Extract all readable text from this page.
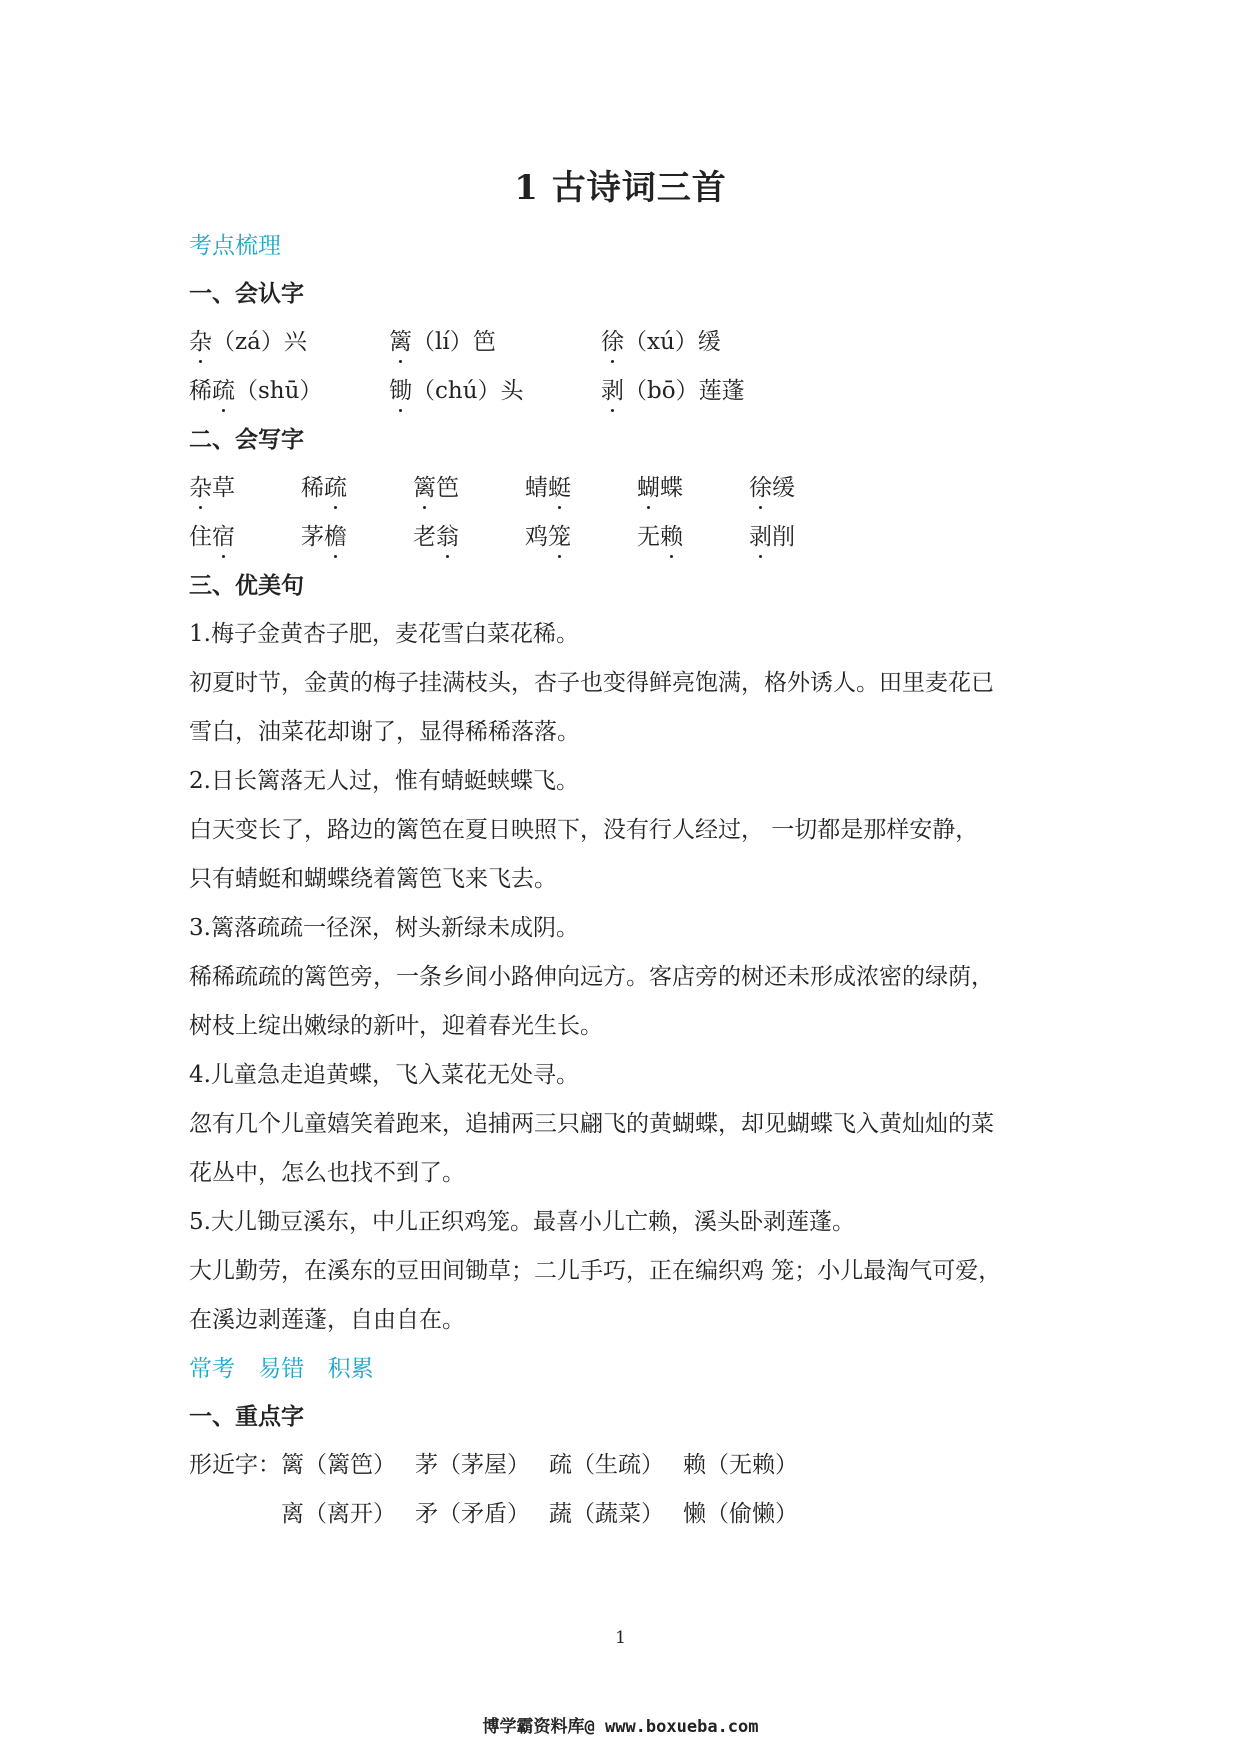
1 古诗词三首
考点梳理
一、会认字
杂（zá）兴	篱（lí）笆	徐（xú）缓
稀疏（shū）	锄（chú）头	剥（bō）莲蓬
二、会写字
杂草	稀疏	篱笆	蜻蜓	蝴蝶	徐缓
住宿	茅檐	老翁	鸡笼	无赖	剥削
三、优美句
1.梅子金黄杏子肥，麦花雪白菜花稀。
初夏时节，金黄的梅子挂满枝头，杏子也变得鲜亮饱满，格外诱人。田里麦花已
雪白，油菜花却谢了，显得稀稀落落。
2.日长篱落无人过，惟有蜻蜓蛱蝶飞。
白天变长了，路边的篱笆在夏日映照下，没有行人经过， 一切都是那样安静，
只有蜻蜓和蝴蝶绕着篱笆飞来飞去。
3.篱落疏疏一径深，树头新绿未成阴。
稀稀疏疏的篱笆旁，一条乡间小路伸向远方。客店旁的树还未形成浓密的绿荫，
树枝上绽出嫩绿的新叶，迎着春光生长。
4.儿童急走追黄蝶，飞入菜花无处寻。
忽有几个儿童嬉笑着跑来，追捕两三只翩飞的黄蝴蝶，却见蝴蝶飞入黄灿灿的菜
花丛中，怎么也找不到了。
5.大儿锄豆溪东，中儿正织鸡笼。最喜小儿亡赖，溪头卧剥莲蓬。
大儿勤劳，在溪东的豆田间锄草；二儿手巧，正在编织鸡 笼；小儿最淘气可爱，
在溪边剥莲蓬，自由自在。
常考 易错 积累
一、重点字
形近字： 篱（篱笆） 茅（茅屋） 疏（生疏） 赖（无赖）
离（离开） 矛（矛盾） 蔬（蔬菜） 懒（偷懒）
1
博学霸资料库@ www.boxueba.com
